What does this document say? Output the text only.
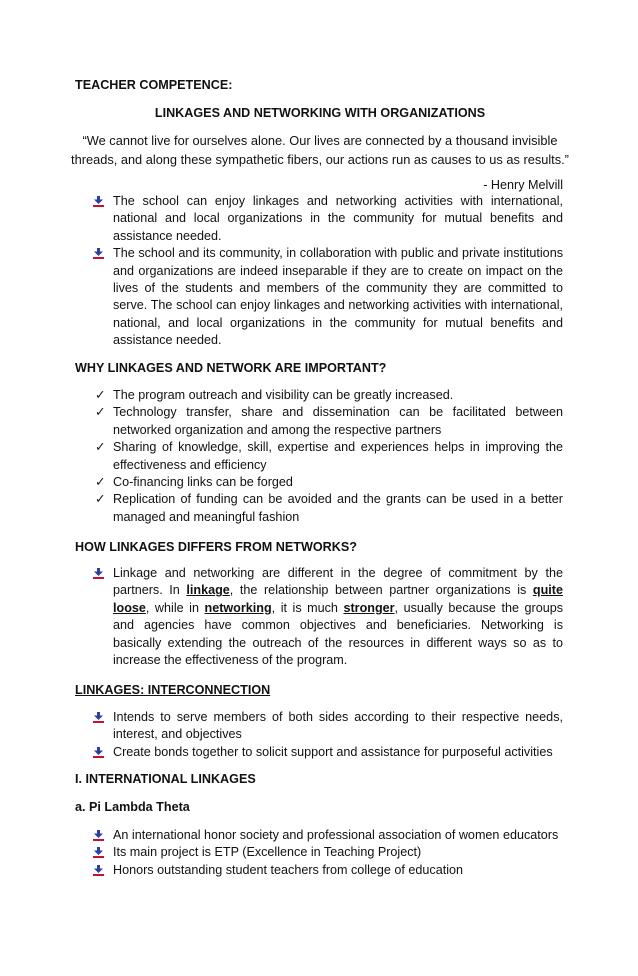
TEACHER COMPETENCE:
LINKAGES AND NETWORKING WITH ORGANIZATIONS
“We cannot live for ourselves alone. Our lives are connected by a thousand invisible
threads, and along these sympathetic fibers, our actions run as causes to us as results.”
- Henry Melvill
The school can enjoy linkages and networking activities with international, national and local organizations in the community for mutual benefits and assistance needed.
The school and its community, in collaboration with public and private institutions and organizations are indeed inseparable if they are to create on impact on the lives of the students and members of the community they are committed to serve. The school can enjoy linkages and networking activities with international, national, and local organizations in the community for mutual benefits and assistance needed.
WHY LINKAGES AND NETWORK ARE IMPORTANT?
✓ The program outreach and visibility can be greatly increased.
✓ Technology transfer, share and dissemination can be facilitated between networked organization and among the respective partners
✓ Sharing of knowledge, skill, expertise and experiences helps in improving the effectiveness and efficiency
✓ Co-financing links can be forged
✓ Replication of funding can be avoided and the grants can be used in a better managed and meaningful fashion
HOW LINKAGES DIFFERS FROM NETWORKS?
Linkage and networking are different in the degree of commitment by the partners. In linkage, the relationship between partner organizations is quite loose, while in networking, it is much stronger, usually because the groups and agencies have common objectives and beneficiaries. Networking is basically extending the outreach of the resources in different ways so as to increase the effectiveness of the program.
LINKAGES: INTERCONNECTION
Intends to serve members of both sides according to their respective needs, interest, and objectives
Create bonds together to solicit support and assistance for purposeful activities
I. INTERNATIONAL LINKAGES
a. Pi Lambda Theta
An international honor society and professional association of women educators
Its main project is ETP (Excellence in Teaching Project)
Honors outstanding student teachers from college of education
